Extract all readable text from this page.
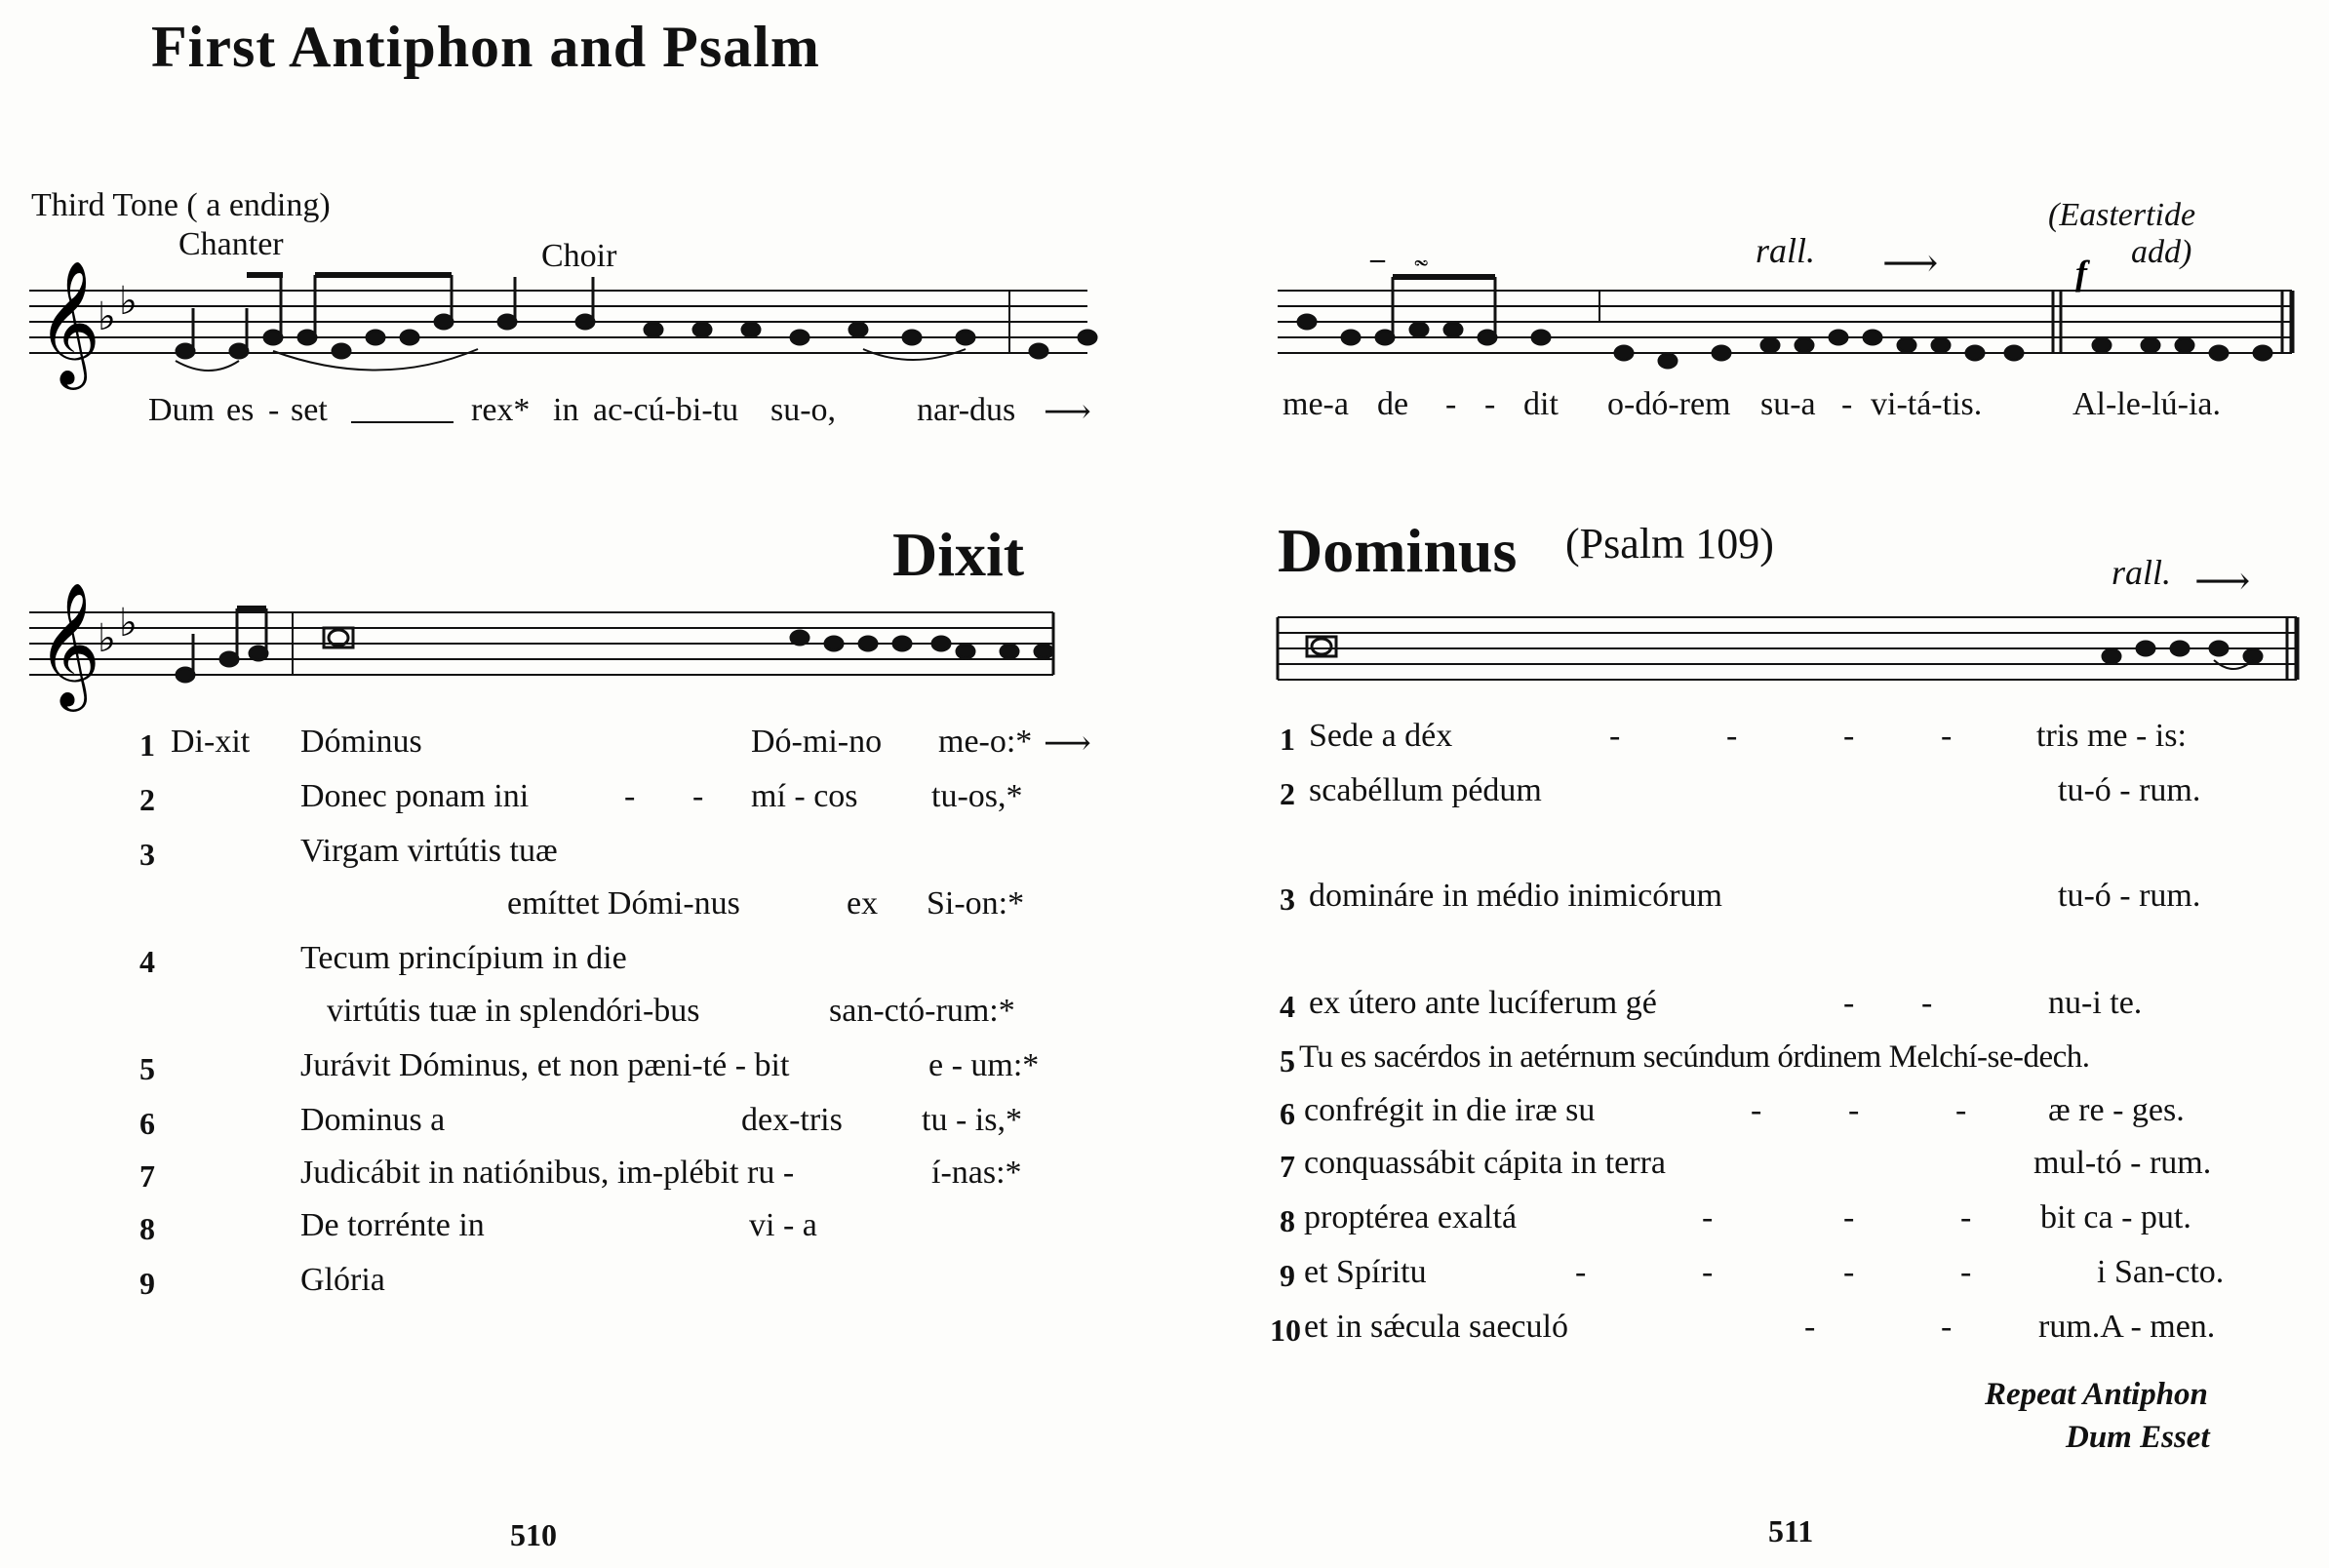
First Antiphon and Psalm
Third Tone ( a ending)
Chanter	Choir
𝄞
♭ ♭
Dum es - set	rex* in ac-cú-bi-tu su-o, nar-dus ⟶
Dixit
𝄞
♭ ♭
1 Di-xit Dóminus	Dó-mi-no me-o:* ⟶
2	Donec ponam ini	- - mí - cos tu-os,*
3	Virgam virtútis tuæ
emíttet Dómi-nus	ex Si-on:*
4	Tecum princípium in die
virtútis tuæ in splendóri-bus	san-ctó-rum:*
5	Jurávit Dóminus, et non pæni-té - bit	e - um:*
6	Dominus a	dex-tris tu - is,*
7	Judicábit in natiónibus, im-plébit ru -	í-nas:*
8	De torrénte in	vi - a
9	Glória
510
(Eastertide
add)
rall. ⟶
– 𝆗	f
me-a de - - dit o-dó-rem su-a - vi-tá-tis.	Al-le-lú-ia.
Dominus (Psalm 109)
rall. ⟶
1 Sede a déx	-	-	-	-	tris me - is:
2 scabéllum pédum	tu-ó - rum.
3 domináre in médio inimicórum	tu-ó - rum.
4 ex útero ante lucíferum gé	- -	nu-i te.
5 Tu es sacérdos in aetérnum secúndum órdinem Melchí-se-dech.
6 confrégit in die iræ su	-	-	- æ re - ges.
7 conquassábit cápita in terra	mul-tó - rum.
8 proptérea exaltá	-	-	- bit ca - put.
9 et Spíritu	-	-	-	-	i San-cto.
10 et in sǽcula saeculó	-	-	rum.A - men.
Repeat Antiphon
Dum Esset
511
